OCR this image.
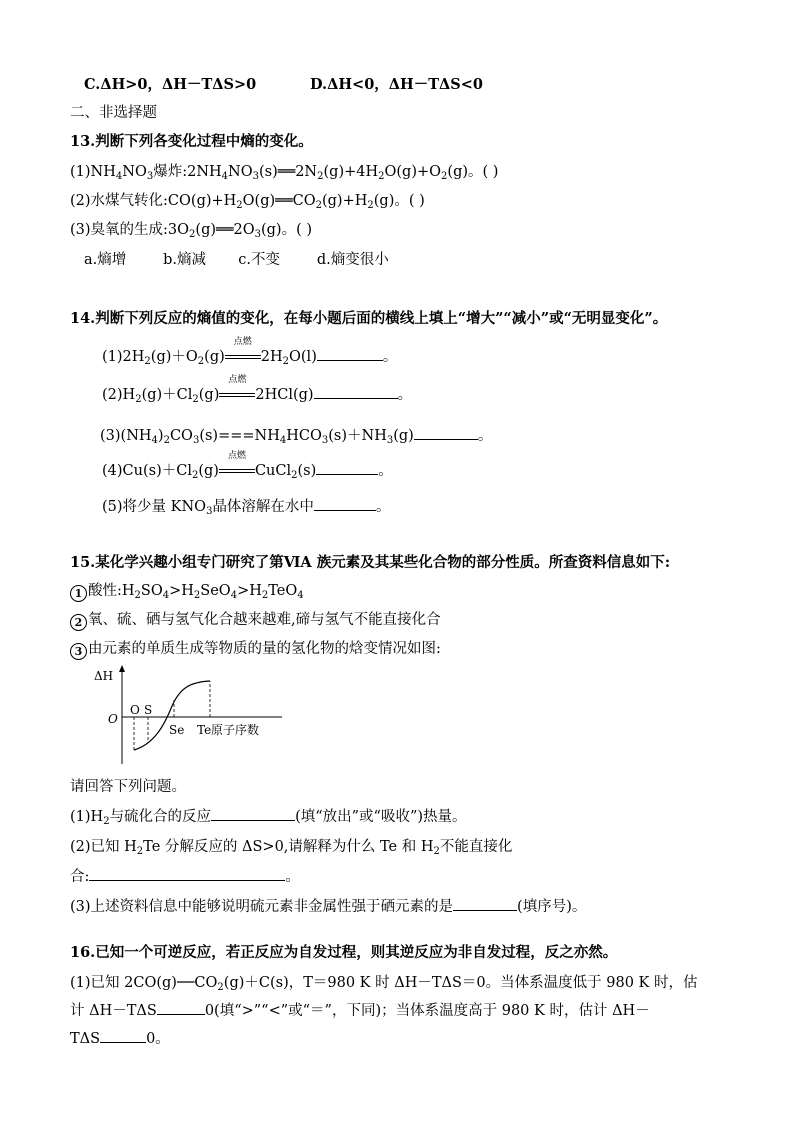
C.ΔH>0，ΔH－TΔS>0	D.ΔH<0，ΔH－TΔS<0
二、非选择题
13.判断下列各变化过程中熵的变化。
$(1)NH_4NO_3$爆炸$:2NH_4NO_3(s)══2N_2(g)+4H_2O(g)+O_2(g)$。( )
(2)水煤气转化$:CO(g)+H_2O(g)══CO_2(g)+H_2(g)$。( )
(3)臭氧的生成$:3O_2(g)══2O_3(g)$。( )
a.熵增        b.熵减       c.不变        d.熵变很小
14.判断下列反应的熵值的变化，在每小题后面的横线上填上“增大”“减小”或“无明显变化”。
$(1)2H_2(g)+O_2(g)$
点燃
$2H_2O(l)$	。
$(2)H_2(g)+Cl_2(g)$
点燃
2HCl(g)	。
$(3)(NH_4)_2CO_3(s)===NH_4HCO_3(s)+NH_3(g)$	。
$(4)Cu(s)+Cl_2(g)$
点燃
CuCl$_2$(s)	。
(5)将少量 $KNO_3$晶体溶解在水中	。
15.某化学兴趣小组专门研究了第ⅥA 族元素及其某些化合物的部分性质。所查资料信息如下:
1 酸性$:H_2SO_4>H_2SeO_4>H_2TeO_4$
2 氧、硫、硒与氢气化合越来越难,碲与氢气不能直接化合
3 由元素的单质生成等物质的量的氢化物的焓变情况如图:
ΔH
O
O S
Se Te 原子序数
请回答下列问题。
$(1)H_2$与硫化合的反应	(填“放出”或“吸收”)热量。
(2)已知 $H_2Te$ 分解反应的 ΔS>0,请解释为什么 Te 和 $H_2$不能直接化
合:	。
(3)上述资料信息中能够说明硫元素非金属性强于硒元素的是	(填序号)。
16.已知一个可逆反应，若正反应为自发过程，则其逆反应为非自发过程，反之亦然。
(1)已知 $2CO(g)──CO_2(g)+C(s)$，T＝980 K 时 ΔH－TΔS＝0。当体系温度低于 980 K 时，估
计 ΔH－TΔS	0(填“>”“<”或“＝”，下同)；当体系温度高于 980 K 时，估计 ΔH－
TΔS	0。
